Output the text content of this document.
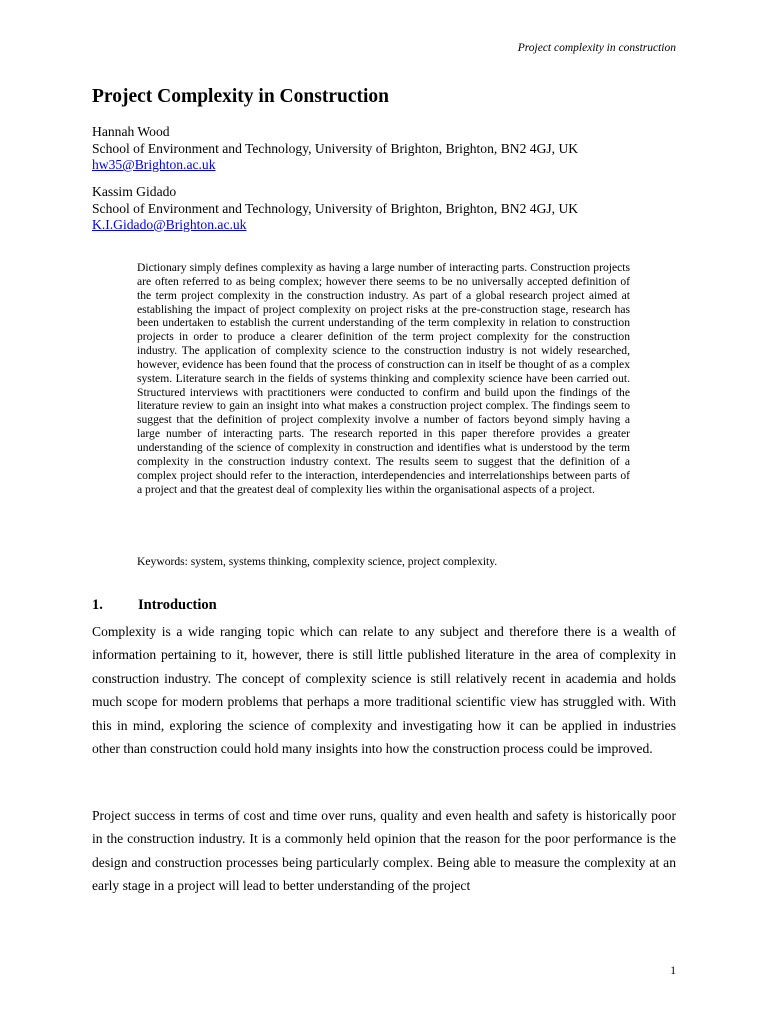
Project complexity in construction
Project Complexity in Construction
Hannah Wood
School of Environment and Technology, University of Brighton, Brighton, BN2 4GJ, UK
hw35@Brighton.ac.uk
Kassim Gidado
School of Environment and Technology, University of Brighton, Brighton, BN2 4GJ, UK
K.I.Gidado@Brighton.ac.uk

Dictionary simply defines complexity as having a large number of interacting parts. Construction projects are often referred to as being complex; however there seems to be no universally accepted definition of the term project complexity in the construction industry. As part of a global research project aimed at establishing the impact of project complexity on project risks at the pre-construction stage, research has been undertaken to establish the current understanding of the term complexity in relation to construction projects in order to produce a clearer definition of the term project complexity for the construction industry. The application of complexity science to the construction industry is not widely researched, however, evidence has been found that the process of construction can in itself be thought of as a complex system. Literature search in the fields of systems thinking and complexity science have been carried out. Structured interviews with practitioners were conducted to confirm and build upon the findings of the literature review to gain an insight into what makes a construction project complex. The findings seem to suggest that the definition of project complexity involve a number of factors beyond simply having a large number of interacting parts. The research reported in this paper therefore provides a greater understanding of the science of complexity in construction and identifies what is understood by the term complexity in the construction industry context. The results seem to suggest that the definition of a complex project should refer to the interaction, interdependencies and interrelationships between parts of a project and that the greatest deal of complexity lies within the organisational aspects of a project.

Keywords: system, systems thinking, complexity science, project complexity.
1. Introduction

Complexity is a wide ranging topic which can relate to any subject and therefore there is a wealth of information pertaining to it, however, there is still little published literature in the area of complexity in construction industry. The concept of complexity science is still relatively recent in academia and holds much scope for modern problems that perhaps a more traditional scientific view has struggled with. With this in mind, exploring the science of complexity and investigating how it can be applied in industries other than construction could hold many insights into how the construction process could be improved.

Project success in terms of cost and time over runs, quality and even health and safety is historically poor in the construction industry. It is a commonly held opinion that the reason for the poor performance is the design and construction processes being particularly complex. Being able to measure the complexity at an early stage in a project will lead to better understanding of the project

1
